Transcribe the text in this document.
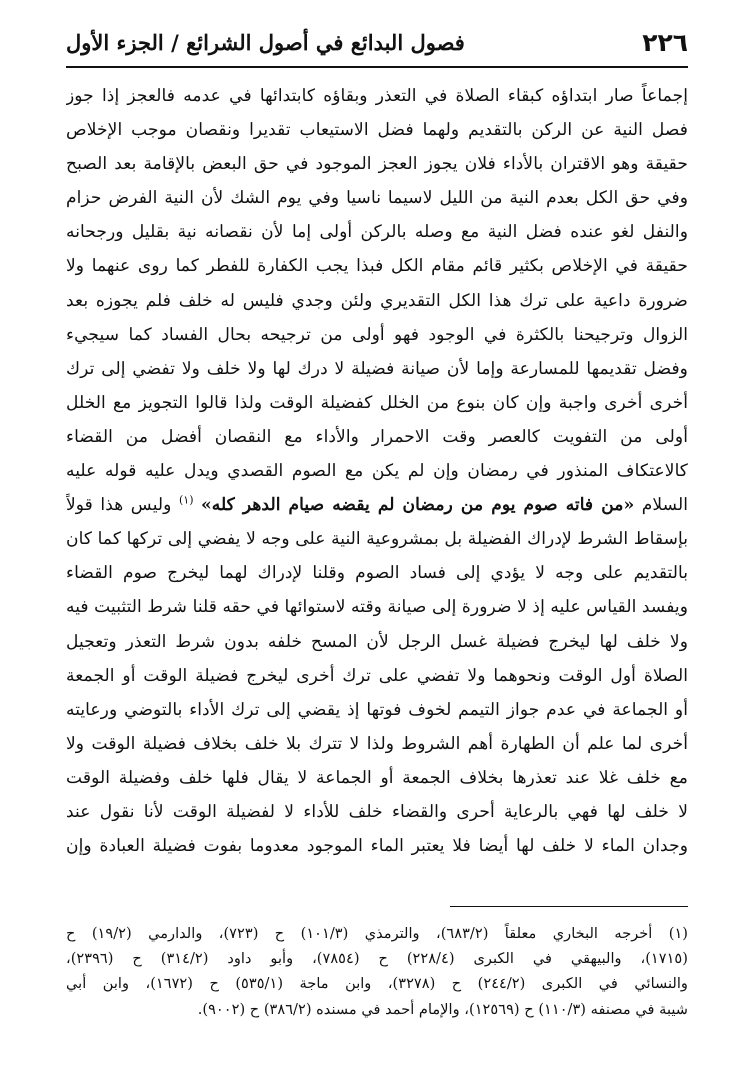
٢٢٦
فصول البدائع في أصول الشرائع / الجزء الأول
إجماعاً صار ابتداؤه كبقاء الصلاة في التعذر وبقاؤه كابتدائها في عدمه فالعجز إذا جوز
فصل النية عن الركن بالتقديم ولهما فضل الاستيعاب تقديرا ونقصان موجب الإخلاص
حقيقة وهو الاقتران بالأداء فلان يجوز العجز الموجود في حق البعض بالإقامة بعد الصبح
وفي حق الكل بعدم النية من الليل لاسيما ناسيا وفي يوم الشك لأن النية الفرض حزام
والنفل لغو عنده فضل النية مع وصله بالركن أولى إما لأن نقصانه نية بقليل ورجحانه
حقيقة في الإخلاص بكثير قائم مقام الكل فبذا يجب الكفارة للفطر كما روى عنهما ولا
ضرورة داعية على ترك هذا الكل التقديري ولئن وجدي فليس له خلف فلم يجوزه بعد
الزوال وترجيحنا بالكثرة في الوجود فهو أولى من ترجيحه بحال الفساد كما سيجيء
وفضل تقديمها للمسارعة وإما لأن صيانة فضيلة لا درك لها ولا خلف ولا تفضي إلى ترك
أخرى أخرى واجبة وإن كان بنوع من الخلل كفضيلة الوقت ولذا قالوا التجويز مع الخلل
أولى من التفويت كالعصر وقت الاحمرار والأداء مع النقصان أفضل من القضاء
كالاعتكاف المنذور في رمضان وإن لم يكن مع الصوم القصدي ويدل عليه قوله عليه
السلام «من فاته صوم يوم من رمضان لم يقضه صيام الدهر كله» $^{(١)}$ وليس هذا قولاً
بإسقاط الشرط لإدراك الفضيلة بل بمشروعية النية على وجه لا يفضي إلى تركها كما كان
بالتقديم على وجه لا يؤدي إلى فساد الصوم وقلنا لإدراك لهما ليخرج صوم القضاء
ويفسد القياس عليه إذ لا ضرورة إلى صيانة وقته لاستوائها في حقه قلنا شرط التثبيت فيه
ولا خلف لها ليخرج فضيلة غسل الرجل لأن المسح خلفه بدون شرط التعذر وتعجيل
الصلاة أول الوقت ونحوهما ولا تفضي على ترك أخرى ليخرج فضيلة الوقت أو الجمعة
أو الجماعة في عدم جواز التيمم لخوف فوتها إذ يقضي إلى ترك الأداء بالتوضي ورعايته
أخرى لما علم أن الطهارة أهم الشروط ولذا لا تترك بلا خلف بخلاف فضيلة الوقت ولا
مع خلف غلا عند تعذرها بخلاف الجمعة أو الجماعة لا يقال فلها خلف وفضيلة الوقت
لا خلف لها فهي بالرعاية أحرى والقضاء خلف للأداء لا لفضيلة الوقت لأنا نقول عند
وجدان الماء لا خلف لها أيضا فلا يعتبر الماء الموجود معدوما بفوت فضيلة العبادة وإن
(١) أخرجه البخاري معلقاً (٦٨٣/٢)، والترمذي (١٠١/٣) ح (٧٢٣)، والدارمي (١٩/٢) ح
(١٧١٥)، والبيهقي في الكبرى (٢٢٨/٤) ح (٧٨٥٤)، وأبو داود (٣١٤/٢) ح (٢٣٩٦)،
والنسائي في الكبرى (٢٤٤/٢) ح (٣٢٧٨)، وابن ماجة (٥٣٥/١) ح (١٦٧٢)، وابن أبي
شيبة في مصنفه (١١٠/٣) ح (١٢٥٦٩)، والإمام أحمد في مسنده (٣٨٦/٢) ح (٩٠٠٢).
